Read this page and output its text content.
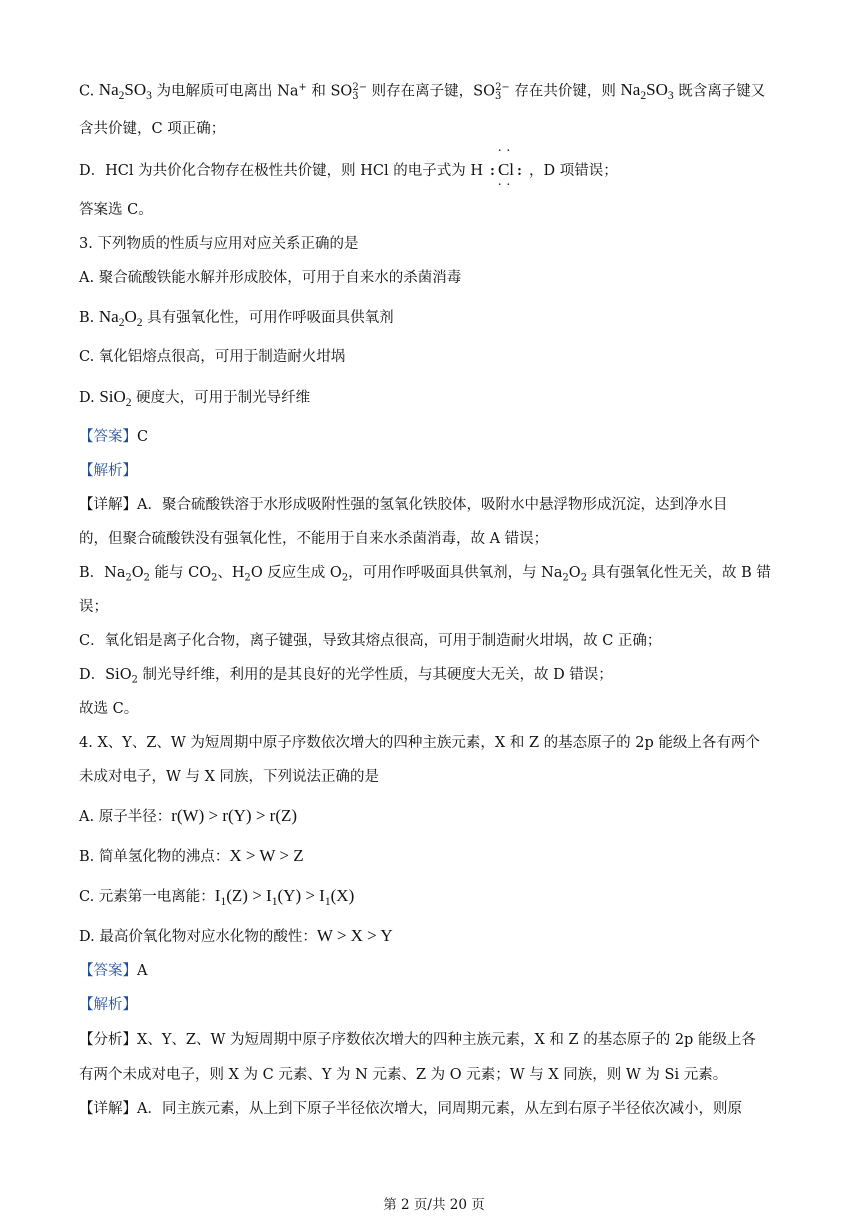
C. $Na_2SO_3$ 为电解质可电离出 Na+ 和 $SO_3^{2-}$ 则存在离子键，$SO_3^{2-}$ 存在共价键，则 $Na_2SO_3$ 既含离子键又
含共价键，C 项正确；
D．HCl 为共价化合物存在极性共价键，则 HCl 的电子式为 H :
··
Cl
··
: ，D 项错误；
答案选 C。
3. 下列物质的性质与应用对应关系正确的是
A. 聚合硫酸铁能水解并形成胶体，可用于自来水的杀菌消毒
B. $Na_2O_2$ 具有强氧化性，可用作呼吸面具供氧剂
C. 氧化铝熔点很高，可用于制造耐火坩埚
D. SiO$_2$ 硬度大，可用于制光导纤维
【答案】C
【解析】
【详解】A．聚合硫酸铁溶于水形成吸附性强的氢氧化铁胶体，吸附水中悬浮物形成沉淀，达到净水目
的，但聚合硫酸铁没有强氧化性，不能用于自来水杀菌消毒，故 A 错误；
B．$Na_2O_2$ 能与 $CO_2$、$H_2O$ 反应生成 $O_2$，可用作呼吸面具供氧剂，与 $Na_2O_2$ 具有强氧化性无关，故 B 错
误；
C．氧化铝是离子化合物，离子键强，导致其熔点很高，可用于制造耐火坩埚，故 C 正确；
D．SiO$_2$ 制光导纤维，利用的是其良好的光学性质，与其硬度大无关，故 D 错误；
故选 C。
4. X、Y、Z、W 为短周期中原子序数依次增大的四种主族元素，X 和 Z 的基态原子的 2p 能级上各有两个
未成对电子，W 与 X 同族，下列说法正确的是
A. 原子半径：r(W) > r(Y) > r(Z)
B. 简单氢化物的沸点：X > W > Z
C. 元素第一电离能：$I_1(Z) > I_1(Y) > I_1(X)$
D. 最高价氧化物对应水化物的酸性：W > X > Y
【答案】A
【解析】
【分析】X、Y、Z、W 为短周期中原子序数依次增大的四种主族元素，X 和 Z 的基态原子的 2p 能级上各
有两个未成对电子，则 X 为 C 元素、Y 为 N 元素、Z 为 O 元素；W 与 X 同族，则 W 为 Si 元素。
【详解】A．同主族元素，从上到下原子半径依次增大，同周期元素，从左到右原子半径依次减小，则原
第 2 页/共 20 页
